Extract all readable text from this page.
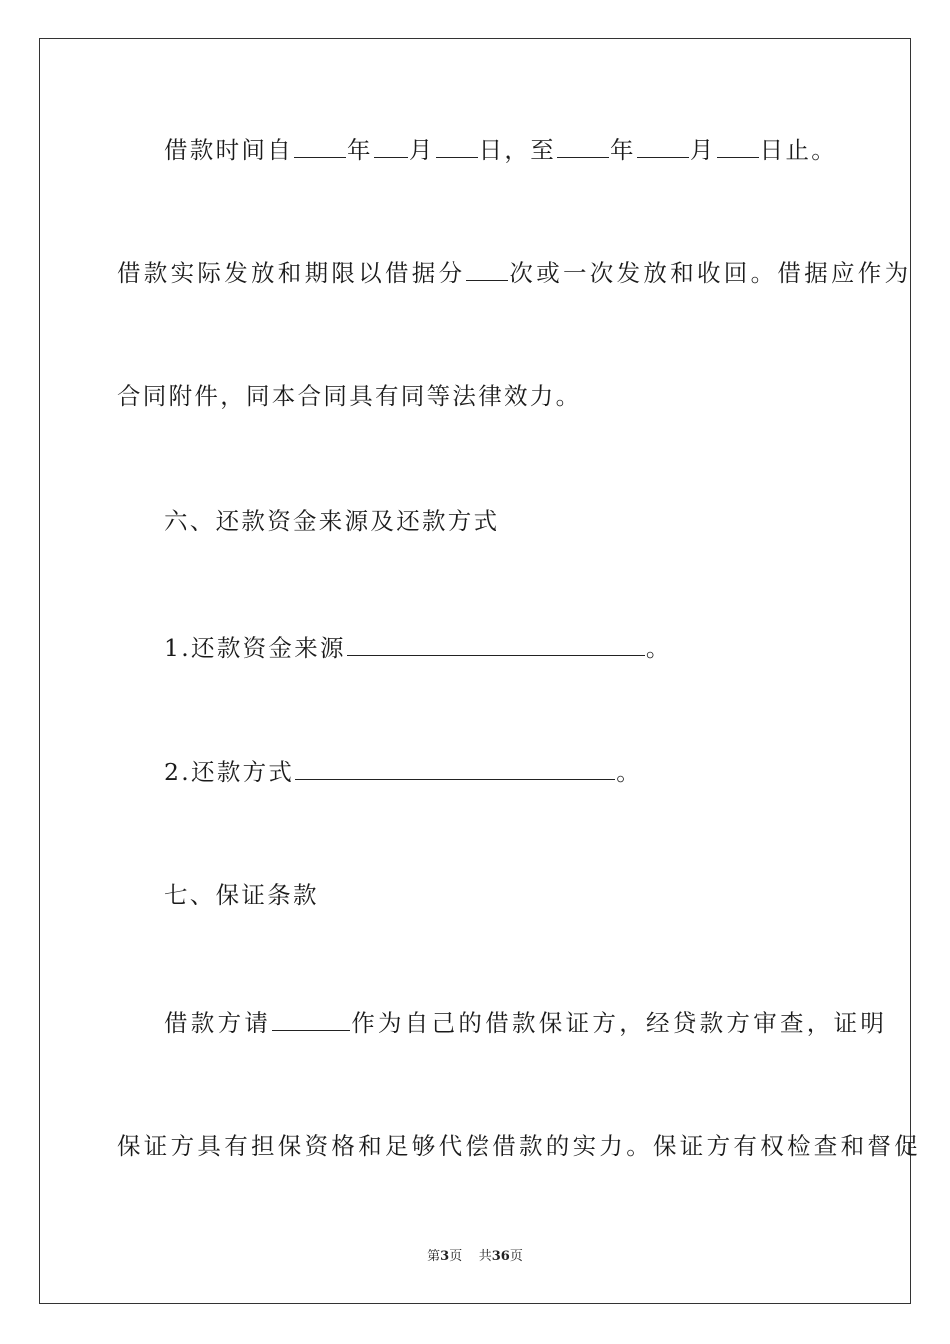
借款时间自 年 月 日，至 年 月 日止。
借款实际发放和期限以借据分 次或一次发放和收回。借据应作为
合同附件，同本合同具有同等法律效力。
六、还款资金来源及还款方式
1.还款资金来源	。
2.还款方式	。
七、保证条款
借款方请	作为自己的借款保证方，经贷款方审查，证明
保证方具有担保资格和足够代偿借款的实力。保证方有权检查和督促
第3页 共36页
